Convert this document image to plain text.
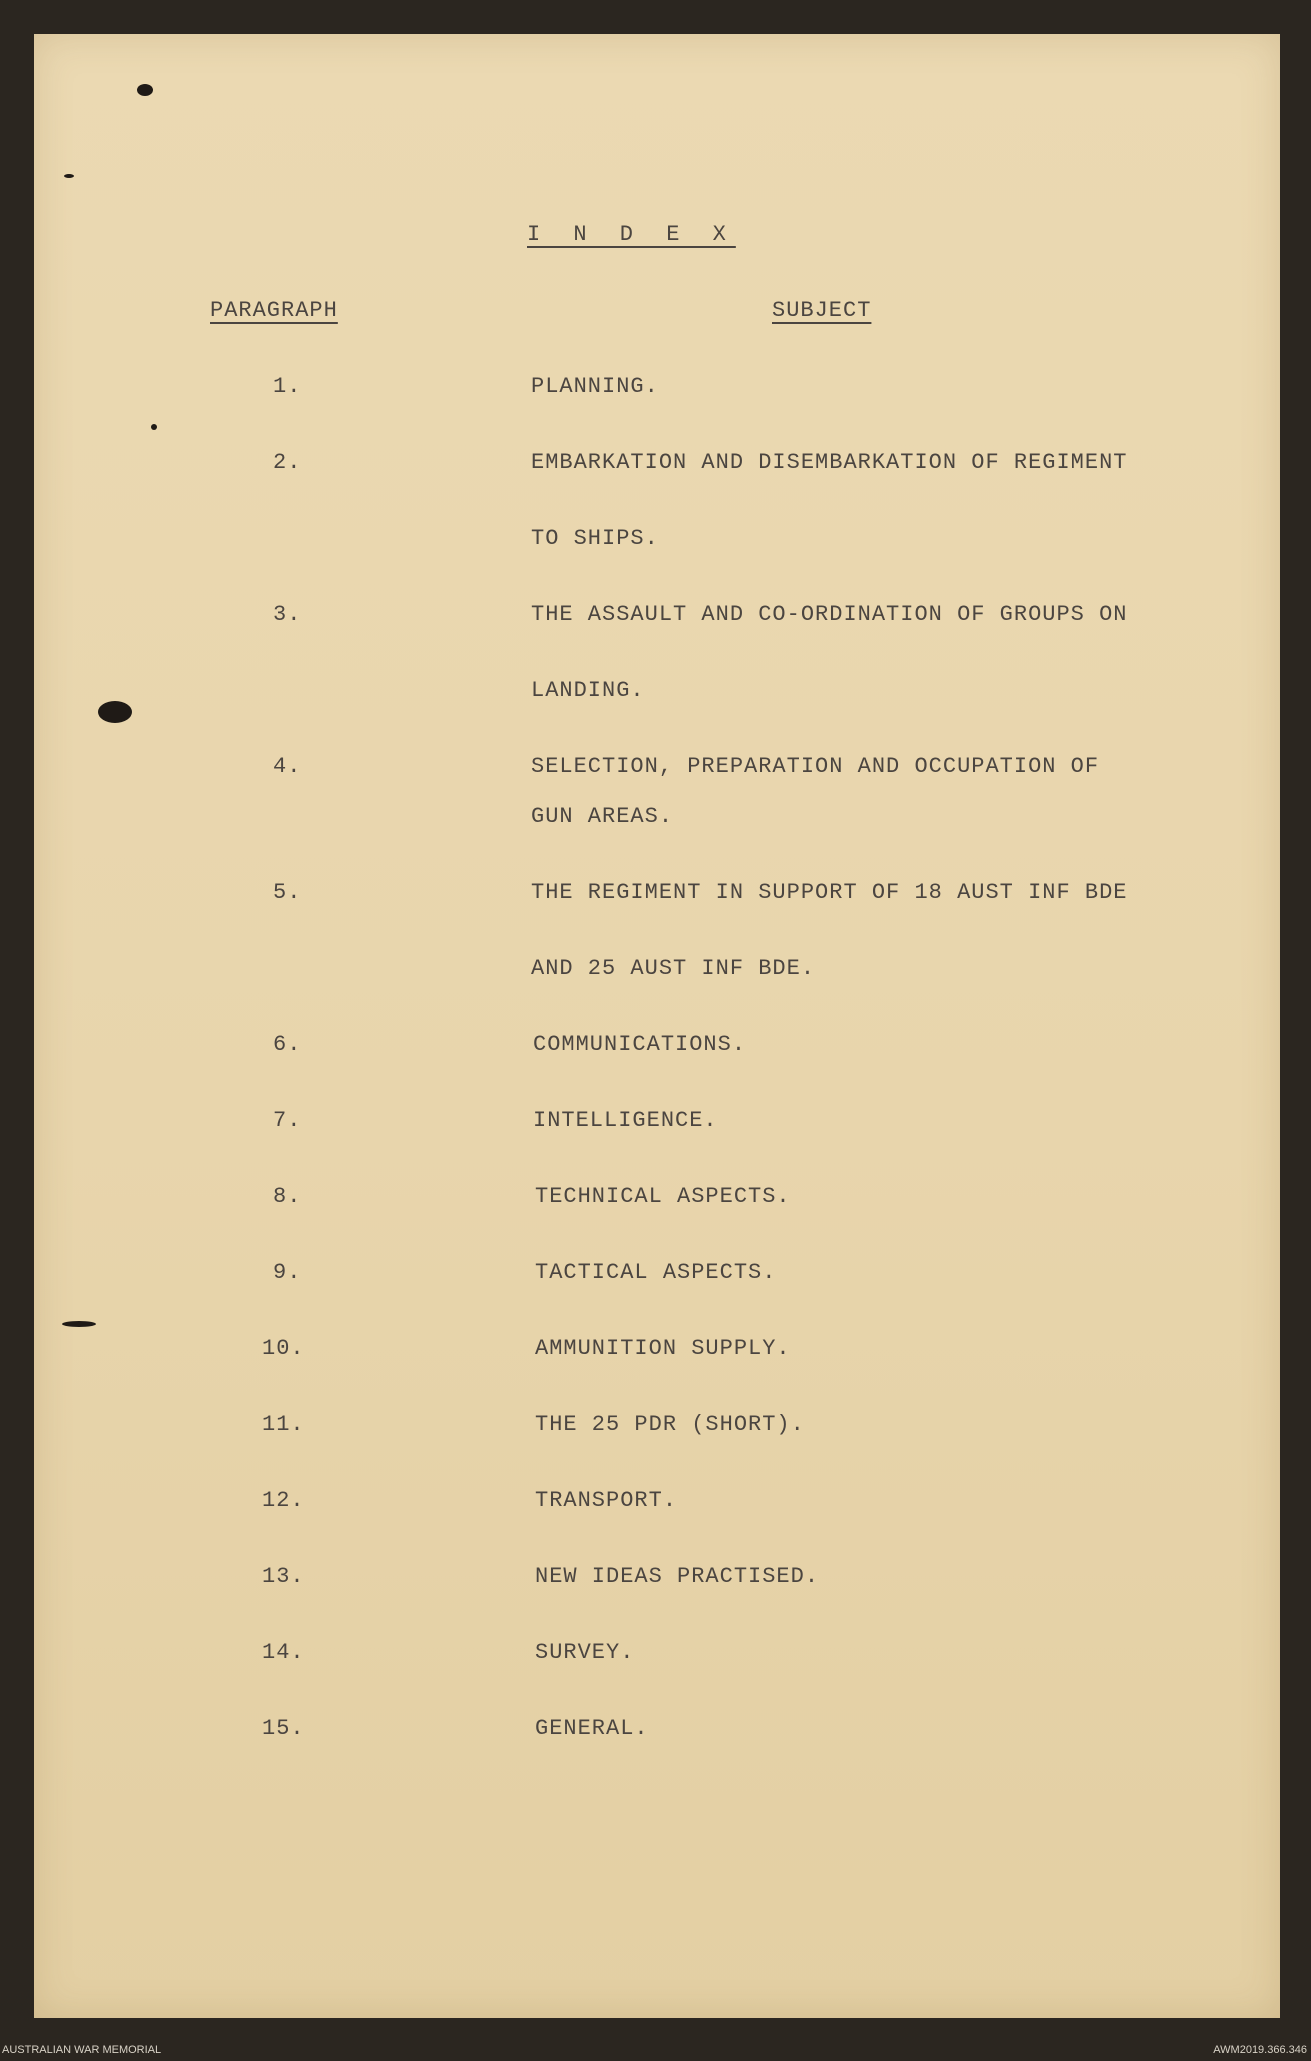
I N D E X
PARAGRAPH	SUBJECT
1.	PLANNING.
2.	EMBARKATION AND DISEMBARKATION OF REGIMENT
TO SHIPS.
3.	THE ASSAULT AND CO-ORDINATION OF GROUPS ON
LANDING.
4.	SELECTION, PREPARATION AND OCCUPATION OF
GUN AREAS.
5.	THE REGIMENT IN SUPPORT OF 18 AUST INF BDE
AND 25 AUST INF BDE.
6.	COMMUNICATIONS.
7.	INTELLIGENCE.
8.	TECHNICAL ASPECTS.
9.	TACTICAL ASPECTS.
10.	AMMUNITION SUPPLY.
11.	THE 25 PDR (SHORT).
12.	TRANSPORT.
13.	NEW IDEAS PRACTISED.
14.	SURVEY.
15.	GENERAL.
AUSTRALIAN WAR MEMORIAL	AWM2019.366.346
